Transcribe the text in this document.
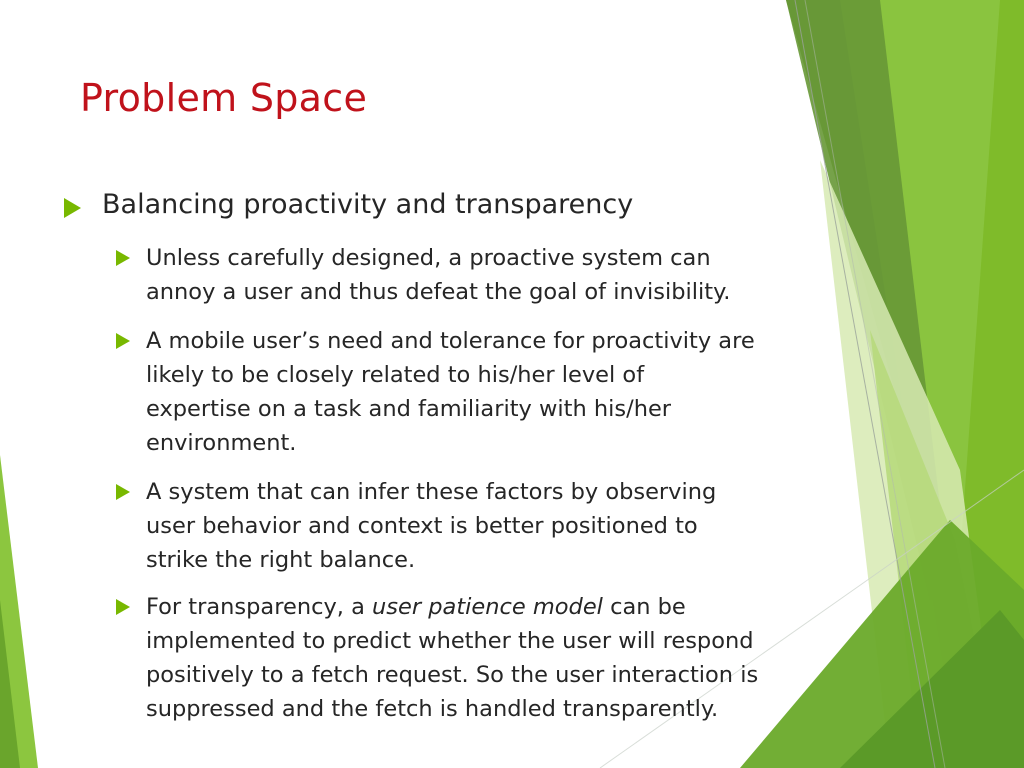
Problem Space
Balancing proactivity and transparency
Unless carefully designed, a proactive system can
annoy a user and thus defeat the goal of invisibility.
A mobile user’s need and tolerance for proactivity are
likely to be closely related to his/her level of
expertise on a task and familiarity with his/her
environment.
A system that can infer these factors by observing
user behavior and context is better positioned to
strike the right balance.
For transparency, a user patience model can be
implemented to predict whether the user will respond
positively to a fetch request. So the user interaction is
suppressed and the fetch is handled transparently.
